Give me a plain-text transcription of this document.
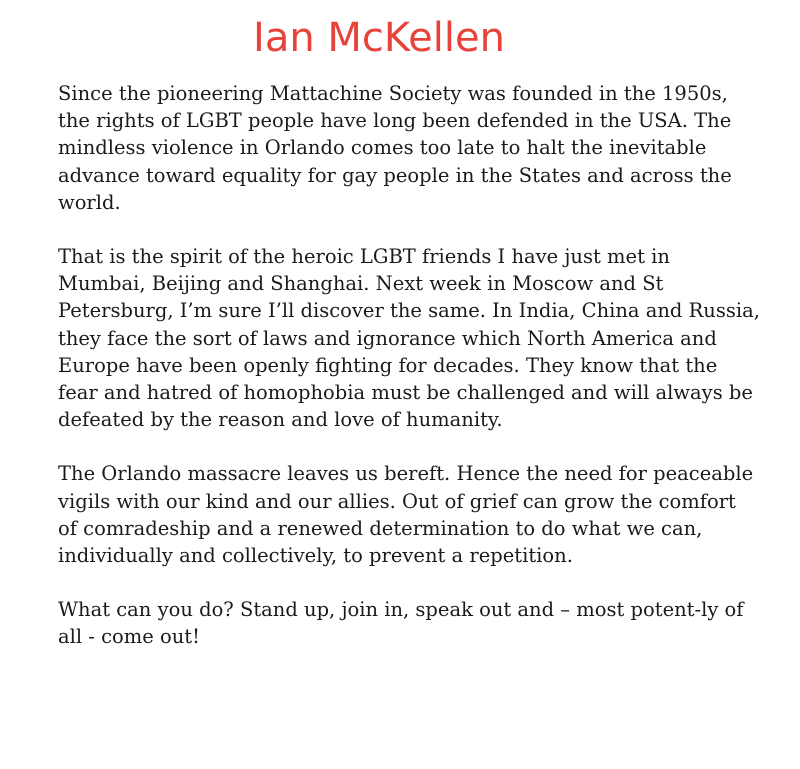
Ian McKellen

Since the pioneering Mattachine Society was founded in the 1950s, the rights of LGBT people have long been defended in the USA. The mindless violence in Orlando comes too late to halt the inevitable advance toward equality for gay people in the States and across the world.

That is the spirit of the heroic LGBT friends I have just met in Mumbai, Beijing and Shanghai. Next week in Moscow and St Petersburg, I’m sure I’ll discover the same. In India, China and Russia, they face the sort of laws and ignorance which North America and Europe have been openly fighting for decades. They know that the fear and hatred of homophobia must be challenged and will always be defeated by the reason and love of humanity.

The Orlando massacre leaves us bereft. Hence the need for peaceable vigils with our kind and our allies. Out of grief can grow the comfort of comradeship and a renewed determination to do what we can, individually and collectively, to prevent a repetition.

What can you do? Stand up, join in, speak out and – most potent-ly of all - come out!
